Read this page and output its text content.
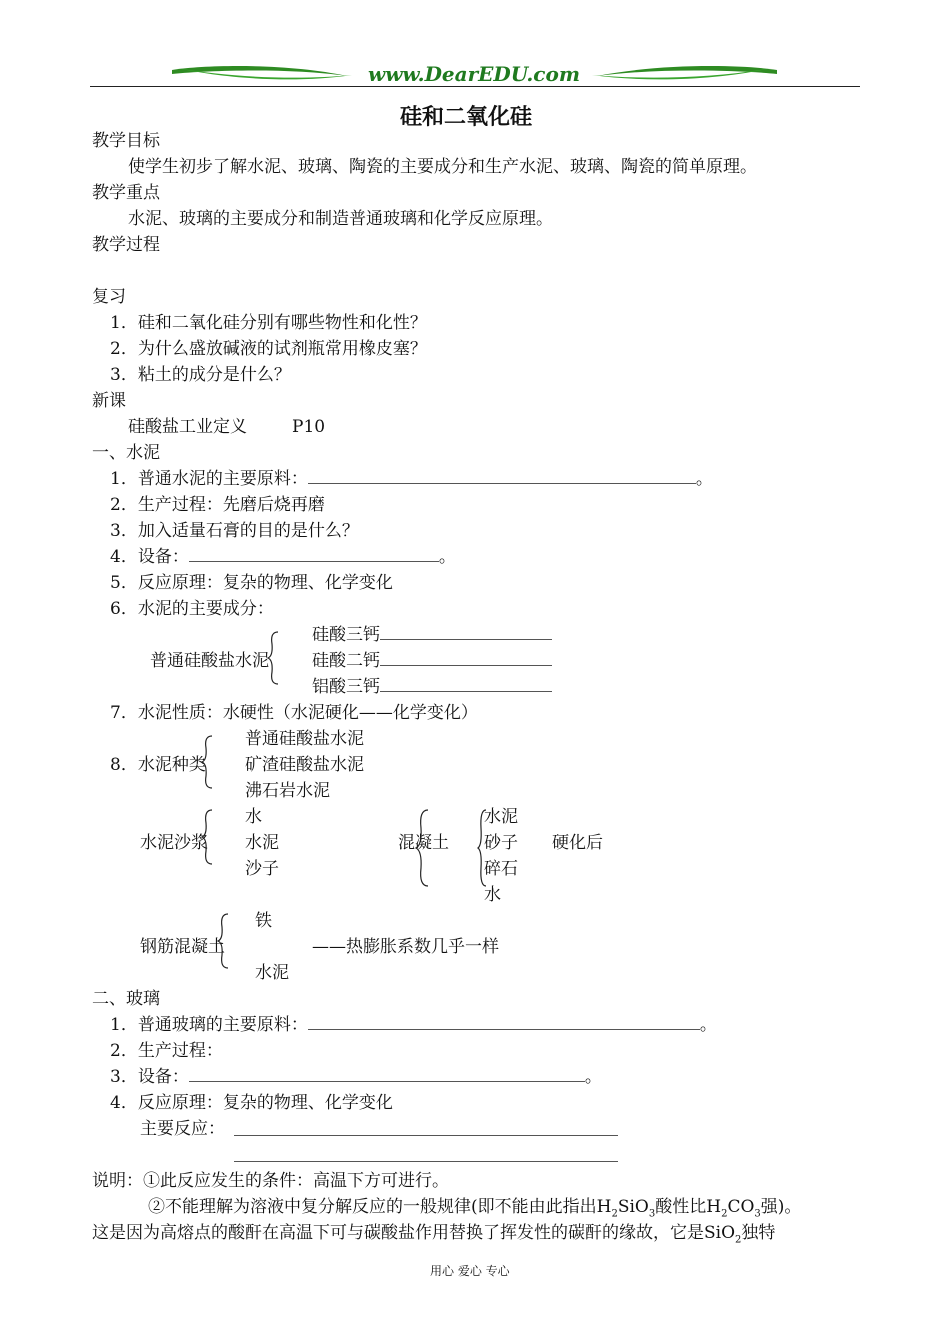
www.DearEDU.com
硅和二氧化硅
教学目标
使学生初步了解水泥、玻璃、陶瓷的主要成分和生产水泥、玻璃、陶瓷的简单原理。
教学重点
水泥、玻璃的主要成分和制造普通玻璃和化学反应原理。
教学过程
复习
1．硅和二氧化硅分别有哪些物性和化性？
2．为什么盛放碱液的试剂瓶常用橡皮塞？
3．粘土的成分是什么？
新课
硅酸盐工业定义	P10
一、水泥
1．普通水泥的主要原料：	。
2．生产过程：先磨后烧再磨
3．加入适量石膏的目的是什么？
4．设备：	。
5．反应原理：复杂的物理、化学变化
6．水泥的主要成分：
普通硅酸盐水泥
硅酸三钙
硅酸二钙
铝酸三钙
7．水泥性质：水硬性（水泥硬化——化学变化）
8．水泥种类
普通硅酸盐水泥
矿渣硅酸盐水泥
沸石岩水泥
水泥沙浆
水
水泥
沙子
混凝土
水泥
砂子
碎石
水
硬化后
钢筋混凝土
铁
水泥
——热膨胀系数几乎一样
二、玻璃
1．普通玻璃的主要原料：	。
2．生产过程：
3．设备：	。
4．反应原理：复杂的物理、化学变化
主要反应：
说明：①此反应发生的条件：高温下方可进行。
②不能理解为溶液中复分解反应的一般规律(即不能由此指出$H_2SiO_3$酸性比$H_2CO_3$强)。
这是因为高熔点的酸酐在高温下可与碳酸盐作用替换了挥发性的碳酐的缘故，它是SiO$_2$独特
用心 爱心 专心
